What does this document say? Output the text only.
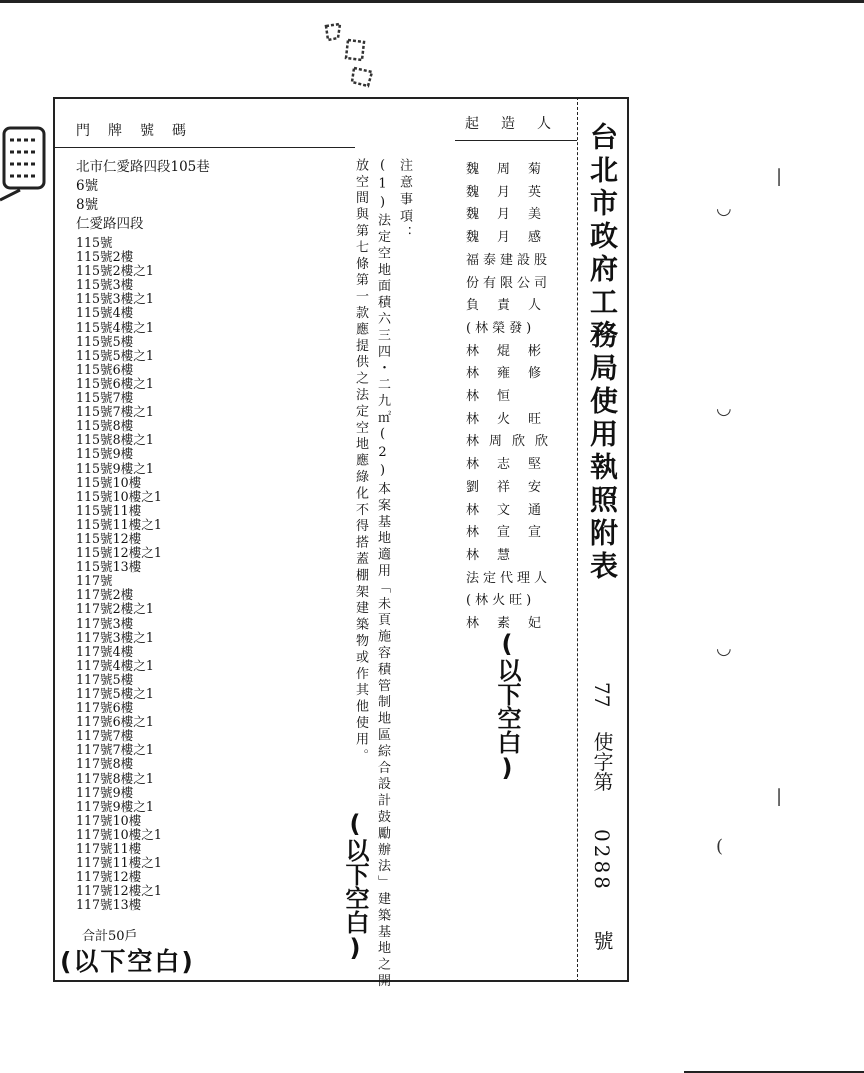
台北市政府工務局使用執照附表
77 使字第 0288 號
門牌號碼
北市仁愛路四段105巷
6號
8號
仁愛路四段
115號
115號2樓
115號2樓之1
115號3樓
115號3樓之1
115號4樓
115號4樓之1
115號5樓
115號5樓之1
115號6樓
115號6樓之1
115號7樓
115號7樓之1
115號8樓
115號8樓之1
115號9樓
115號9樓之1
115號10樓
115號10樓之1
115號11樓
115號11樓之1
115號12樓
115號12樓之1
115號13樓
117號
117號2樓
117號2樓之1
117號3樓
117號3樓之1
117號4樓
117號4樓之1
117號5樓
117號5樓之1
117號6樓
117號6樓之1
117號7樓
117號7樓之1
117號8樓
117號8樓之1
117號9樓
117號9樓之1
117號10樓
117號10樓之1
117號11樓
117號11樓之1
117號12樓
117號12樓之1
117號13樓
合計50戶
(以下空白)
注意事項：
(1)法定空地面積六三四・二九㎡(2)本案基地適用「未頁施容積管制地區綜合設計鼓勵辦法」建築基地之開
放空間與第七條第一款應提供之法定空地應綠化不得搭蓋棚架建築物或作其他使用。
(以下空白)
起造人
魏周菊
魏月英
魏月美
魏月感
福泰建設股
份有限公司
負責人
(林榮發)
林焜彬
林雍修
林恒
林火旺
林周欣欣
林志堅
劉祥安
林文通
林宣宣
林慧
法定代理人
(林火旺)
林素妃
(以下空白)
|
◡
◡
◡
|
(
